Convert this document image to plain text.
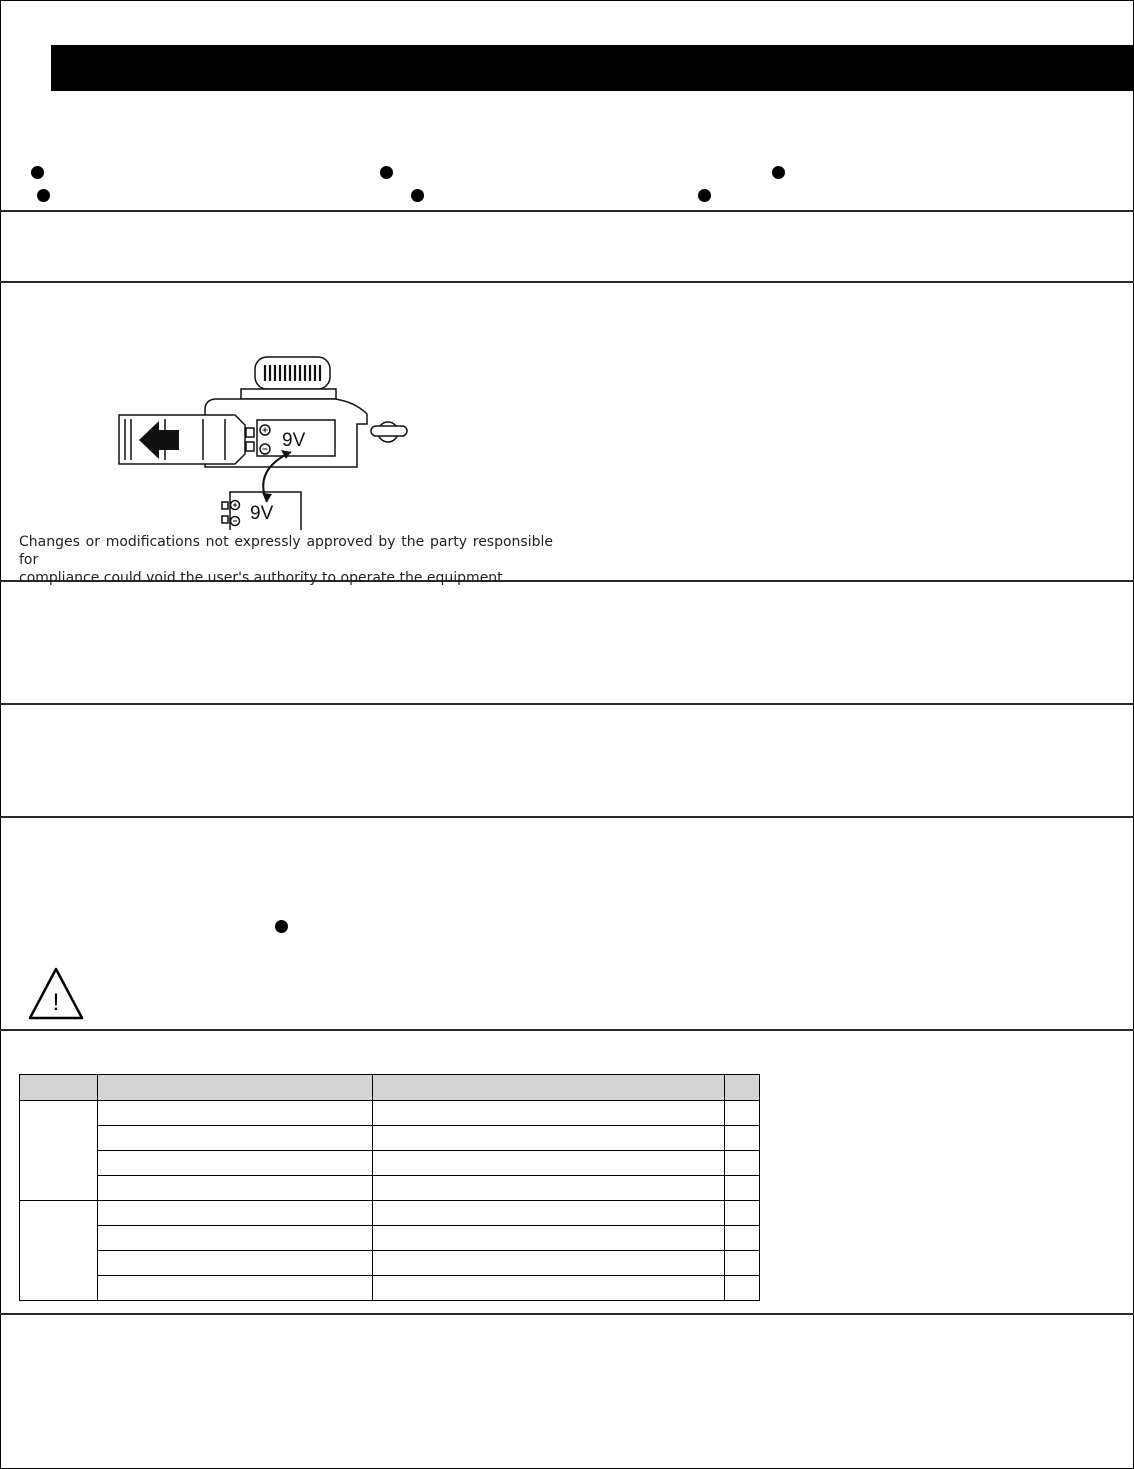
9V
9V
Changes or modifications not expressly approved by the party responsible for
compliance could void the user's authority to operate the equipment.
!
